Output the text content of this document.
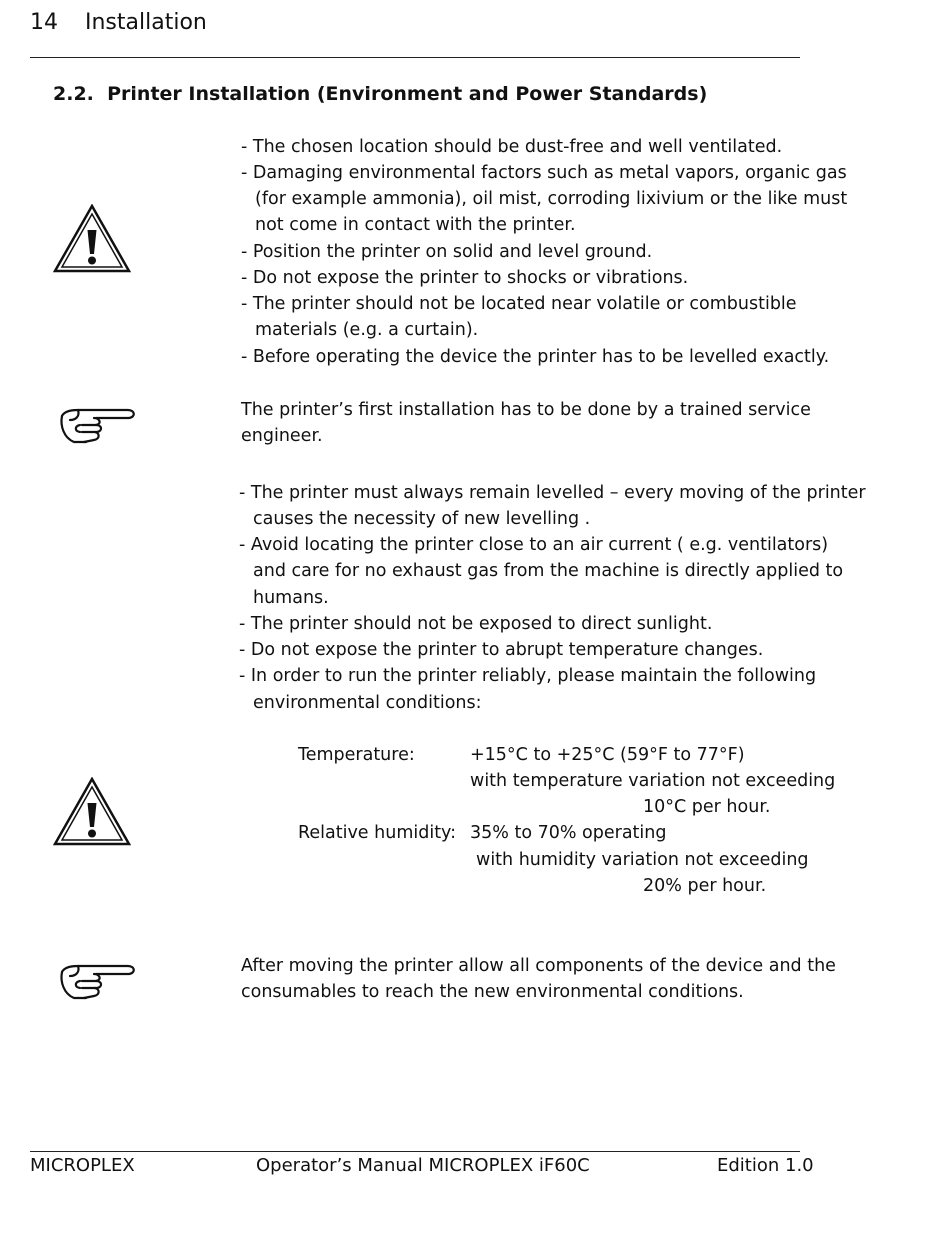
14 Installation
2.2. Printer Installation (Environment and Power Standards)
- The chosen location should be dust-free and well ventilated.
- Damaging environmental factors such as metal vapors, organic gas
(for example ammonia), oil mist, corroding lixivium or the like must
not come in contact with the printer.
- Position the printer on solid and level ground.
- Do not expose the printer to shocks or vibrations.
- The printer should not be located near volatile or combustible
materials (e.g. a curtain).
- Before operating the device the printer has to be levelled exactly.
The printer’s first installation has to be done by a trained service
engineer.
- The printer must always remain levelled – every moving of the printer
causes the necessity of new levelling .
- Avoid locating the printer close to an air current ( e.g. ventilators)
and care for no exhaust gas from the machine is directly applied to
humans.
- The printer should not be exposed to direct sunlight.
- Do not expose the printer to abrupt temperature changes.
- In order to run the printer reliably, please maintain the following
environmental conditions:
Temperature:	+15°C to +25°C (59°F to 77°F)
with temperature variation not exceeding
10°C per hour.
Relative humidity: 35% to 70% operating
with humidity variation not exceeding
20% per hour.
After moving the printer allow all components of the device and the
consumables to reach the new environmental conditions.
MICROPLEX	Operator’s Manual MICROPLEX iF60C	Edition 1.0
